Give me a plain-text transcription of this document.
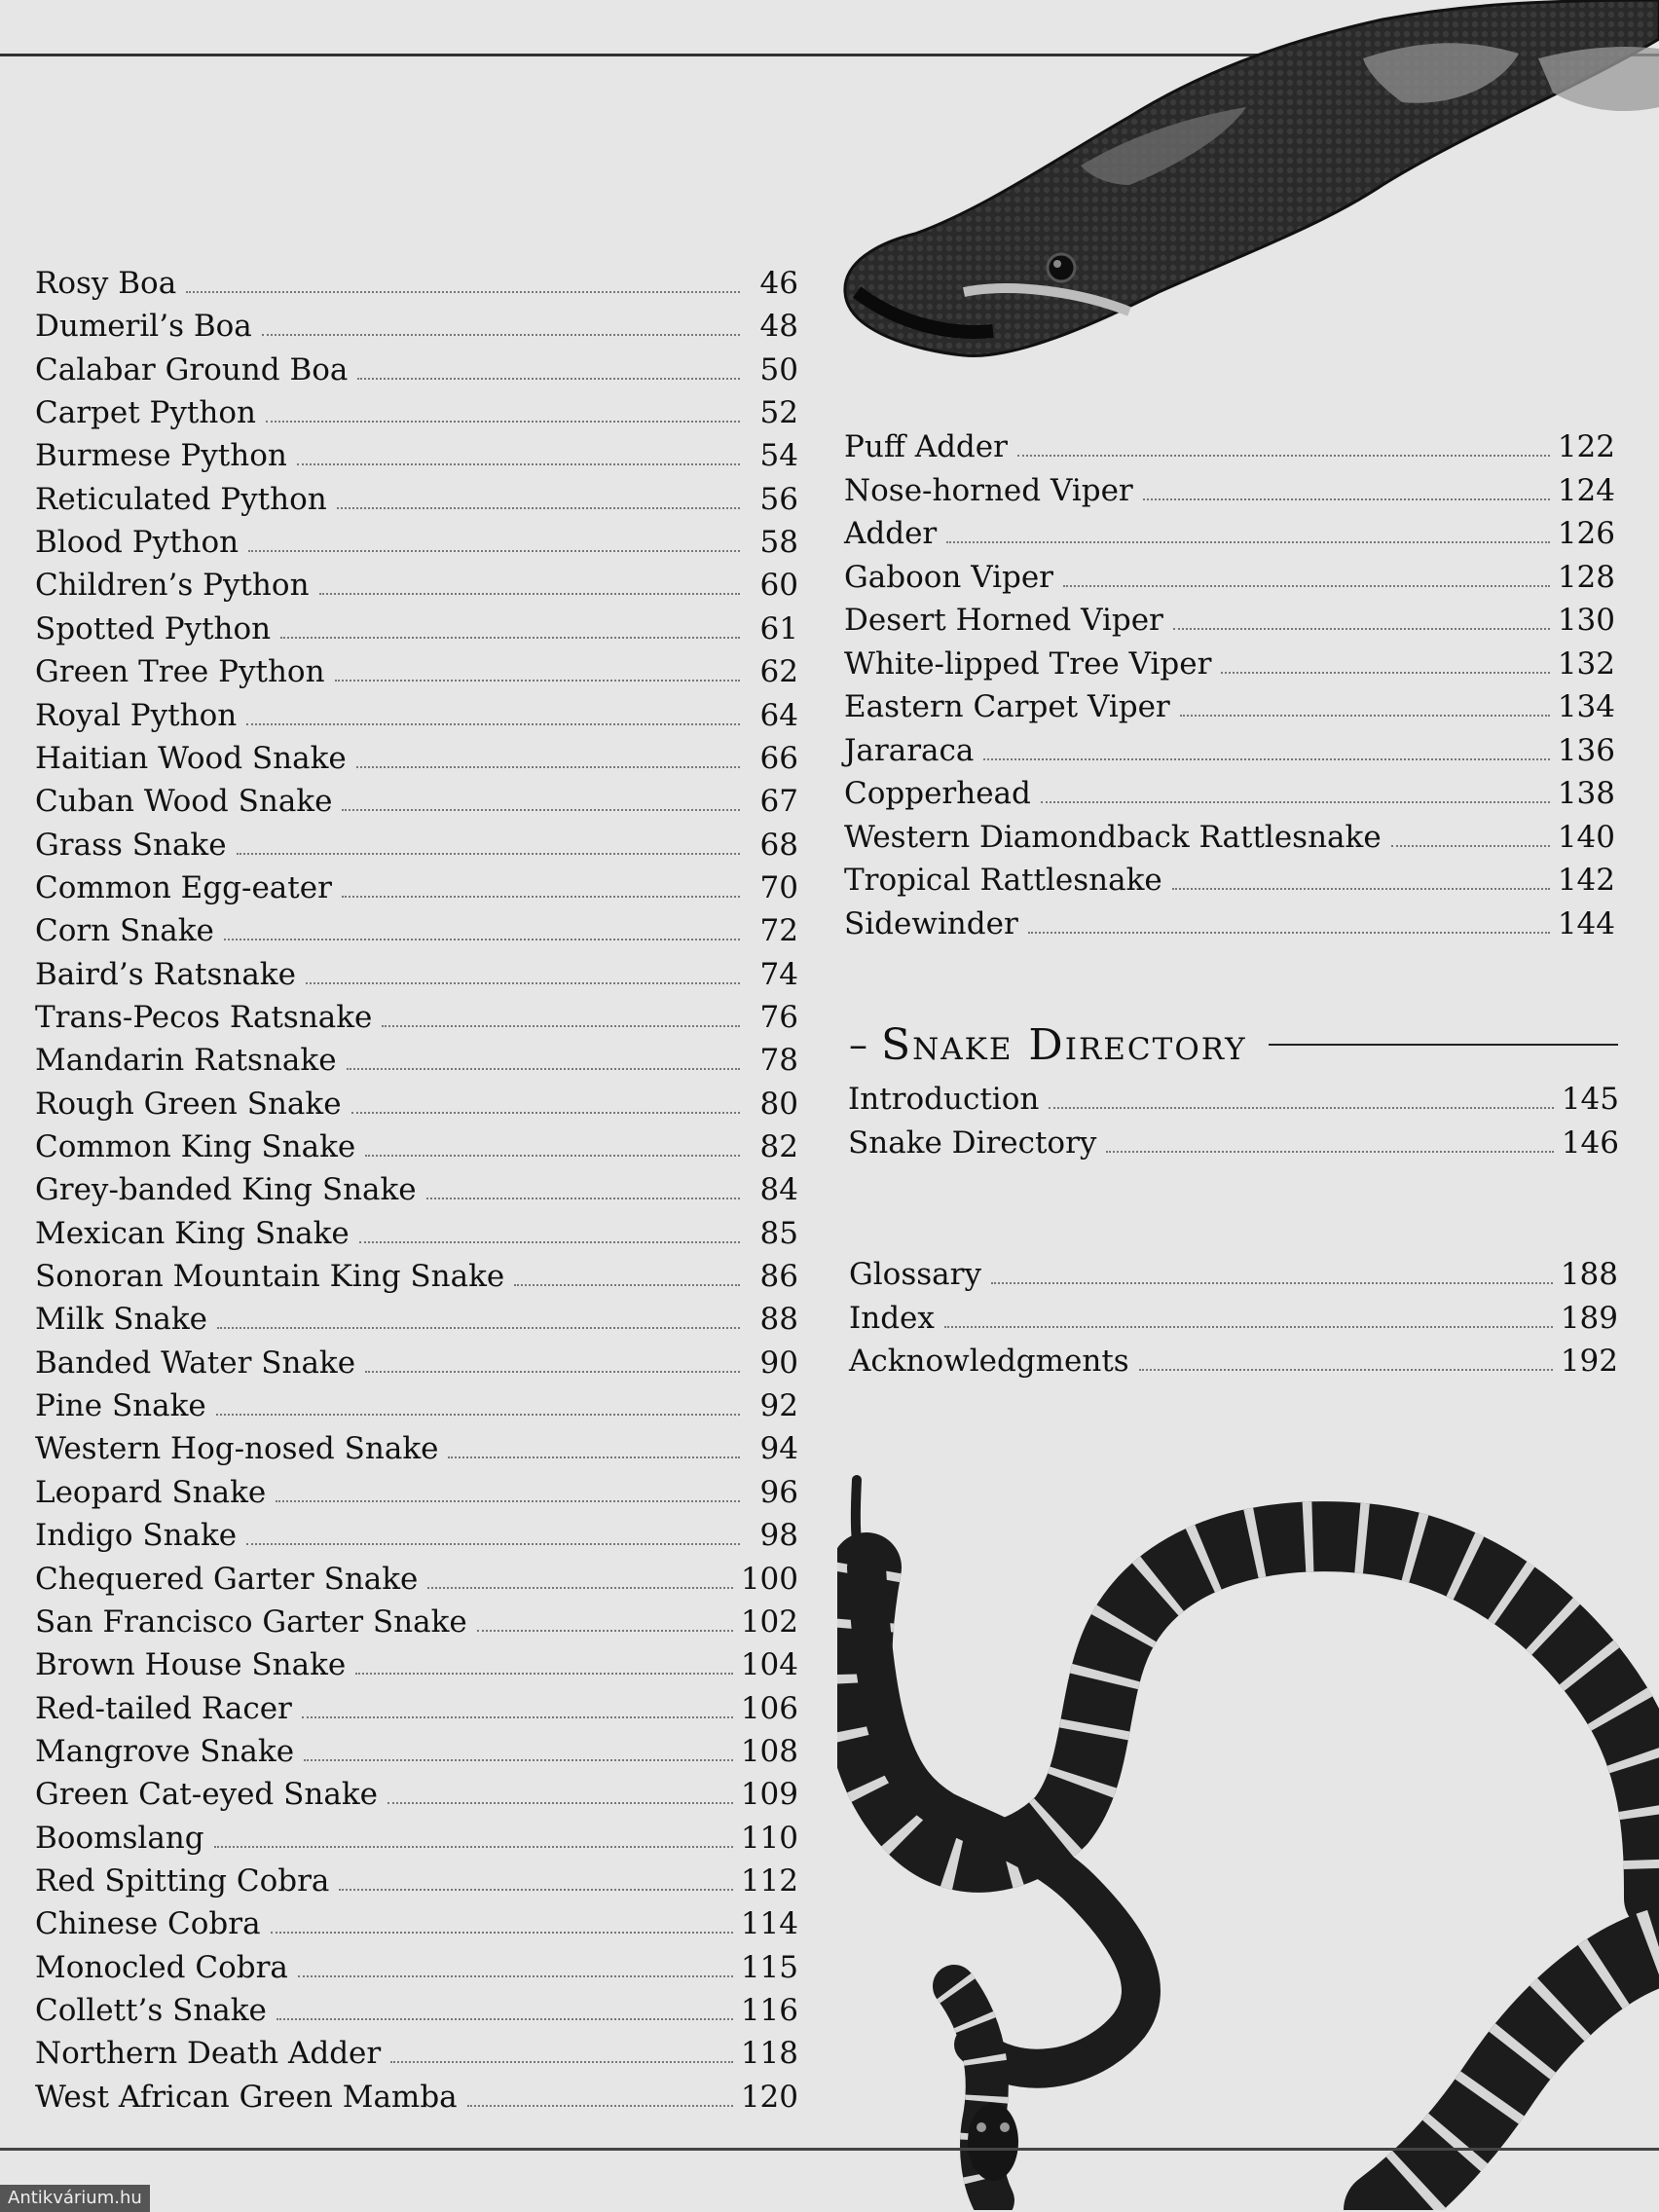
Rosy Boa	46
Dumeril’s Boa	48
Calabar Ground Boa	50
Carpet Python	52
Burmese Python	54
Reticulated Python	56
Blood Python	58
Children’s Python	60
Spotted Python	61
Green Tree Python	62
Royal Python	64
Haitian Wood Snake	66
Cuban Wood Snake	67
Grass Snake	68
Common Egg-eater	70
Corn Snake	72
Baird’s Ratsnake	74
Trans-Pecos Ratsnake	76
Mandarin Ratsnake	78
Rough Green Snake	80
Common King Snake	82
Grey-banded King Snake	84
Mexican King Snake	85
Sonoran Mountain King Snake	86
Milk Snake	88
Banded Water Snake	90
Pine Snake	92
Western Hog-nosed Snake	94
Leopard Snake	96
Indigo Snake	98
Chequered Garter Snake	100
San Francisco Garter Snake	102
Brown House Snake	104
Red-tailed Racer	106
Mangrove Snake	108
Green Cat-eyed Snake	109
Boomslang	110
Red Spitting Cobra	112
Chinese Cobra	114
Monocled Cobra	115
Collett’s Snake	116
Northern Death Adder	118
West African Green Mamba	120
Puff Adder	122
Nose-horned Viper	124
Adder	126
Gaboon Viper	128
Desert Horned Viper	130
White-lipped Tree Viper	132
Eastern Carpet Viper	134
Jararaca	136
Copperhead	138
Western Diamondback Rattlesnake	140
Tropical Rattlesnake	142
Sidewinder	144
– Snake Directory
Introduction	145
Snake Directory	146
Glossary	188
Index	189
Acknowledgments	192
Antikvárium.hu
